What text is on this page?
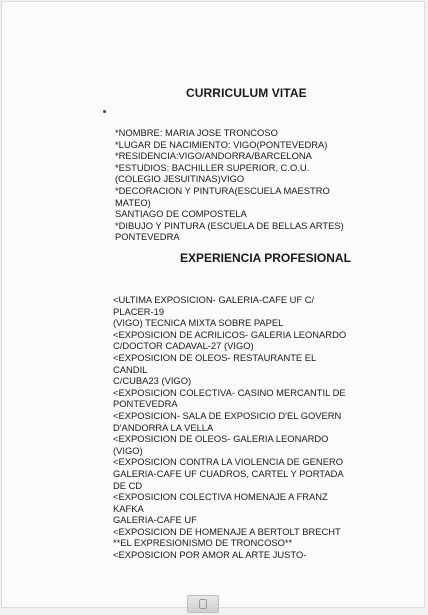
CURRICULUM VITAE
*NOMBRE: MARIA JOSE TRONCOSO
*LUGAR DE NACIMIENTO: VIGO(PONTEVEDRA)
*RESIDENCIA:VIGO/ANDORRA/BARCELONA
*ESTUDIOS: BACHILLER SUPERIOR, C.O.U.
(COLEGIO JESUITINAS)VIGO
*DECORACION Y PINTURA(ESCUELA MAESTRO
MATEO)
SANTIAGO DE COMPOSTELA
*DIBUJO Y PINTURA (ESCUELA DE BELLAS ARTES)
PONTEVEDRA
EXPERIENCIA PROFESIONAL
<ULTIMA EXPOSICION- GALERIA-CAFE UF C/
PLACER-19
(VIGO) TECNICA MIXTA SOBRE PAPEL
<EXPOSICION DE ACRILICOS- GALERIA LEONARDO
C/DOCTOR CADAVAL-27 (VIGO)
<EXPOSICION DE OLEOS- RESTAURANTE EL
CANDIL
C/CUBA23 (VIGO)
<EXPOSICION COLECTIVA- CASINO MERCANTIL DE
PONTEVEDRA
<EXPOSICION- SALA DE EXPOSICIO D'EL GOVERN
D'ANDORRA LA VELLA
<EXPOSICION DE OLEOS- GALERIA LEONARDO
(VIGO)
<EXPOSICION CONTRA LA VIOLENCIA DE GENERO
GALERIA-CAFE UF CUADROS, CARTEL Y PORTADA
DE CD
<EXPOSICION COLECTIVA HOMENAJE A FRANZ
KAFKA
GALERIA-CAFE UF
<EXPOSICION DE HOMENAJE A BERTOLT BRECHT
**EL EXPRESIONISMO DE TRONCOSO**
<EXPOSICION POR AMOR AL ARTE JUSTO-
